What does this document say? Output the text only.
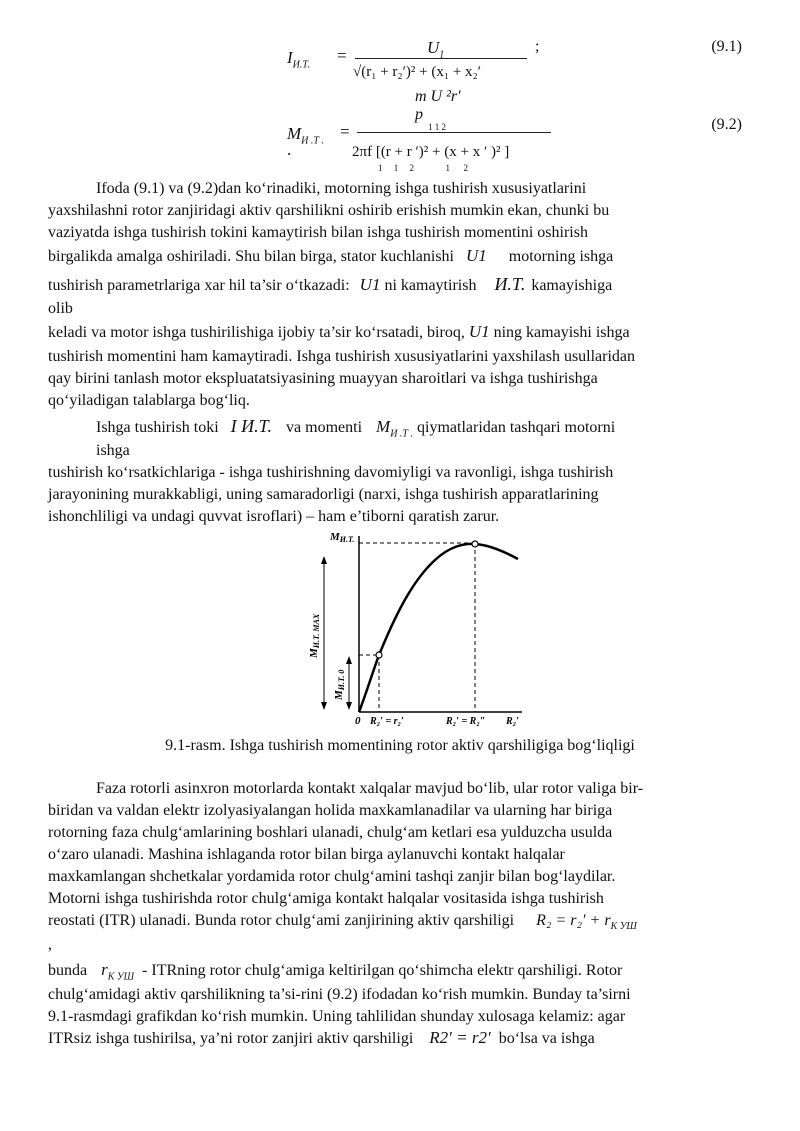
$I_{И.Т.}$ =	$U_1$
√(r₁ + r₂′)² + (x₁ + x₂′
;	(9.1)
m U ²r′
p
1 1 2
$M_{И .Т .}$ =
.	2πf [(r + r ′)² + (x + x ′ )² ]
1     1     2              1      2
(9.2)

Ifoda (9.1) va (9.2)dan ko‘rinadiki, motorning ishga tushirish xususiyatlarini

yaxshilashni rotor zanjiridagi aktiv qarshilikni oshirib erishish mumkin ekan, chunki bu

vaziyatda ishga tushirish tokini kamaytirish bilan ishga tushirish momentini oshirish

birgalikda amalga oshiriladi. Shu bilan birga, stator kuchlanishi U1 motorning ishga
tushirish parametrlariga xar hil ta’sir o‘tkazadi: U1 ni kamaytirish И.Т. kamayishiga

olib

keladi va motor ishga tushirilishiga ijobiy ta’sir ko‘rsatadi, biroq, U1 ning kamayishi ishga

tushirish momentini ham kamaytiradi. Ishga tushirish xususiyatlarini yaxshilash usullaridan

qay birini tanlash motor ekspluatatsiyasining muayyan sharoitlari va ishga tushirishga

qo‘yiladigan talablarga bog‘liq.

Ishga tushirish toki I И.Т. va momenti $M_{И .Т .}$ qiymatlaridan tashqari motorni

ishga

tushirish ko‘rsatkichlariga - ishga tushirishning davomiyligi va ravonligi, ishga tushirish

jarayonining murakkabligi, uning samaradorligi (narxi, ishga tushirish apparatlarining

ishonchliligi va undagi quvvat isroflari) – ham e’tiborni qaratish zarur.

MИ.Т.
MИ.Т. MAX
MИ.Т. 0
0 R₂′ = r₂′	R₂′ = R₂″ R₂′
9.1-rasm. Ishga tushirish momentining rotor aktiv qarshiligiga bog‘liqligi

Faza rotorli asinxron motorlarda kontakt xalqalar mavjud bo‘lib, ular rotor valiga bir-

biridan va valdan elektr izolyasiyalangan holida maxkamlanadilar va ularning har biriga

rotorning faza chulg‘amlarining boshlari ulanadi, chulg‘am ketlari esa yulduzcha usulda

o‘zaro ulanadi. Mashina ishlaganda rotor bilan birga aylanuvchi kontakt halqalar

maxkamlangan shchetkalar yordamida rotor chulg‘amini tashqi zanjir bilan bog‘laydilar.

Motorni ishga tushirishda rotor chulg‘amiga kontakt halqalar vositasida ishga tushirish

reostati (ITR) ulanadi. Bunda rotor chulg‘ami zanjirining aktiv qarshiligi $R_2 = r_2' + r_{К УШ}$

,

bunda $r_{К УШ}$ - ITRning rotor chulg‘amiga keltirilgan qo‘shimcha elektr qarshiligi. Rotor

chulg‘amidagi aktiv qarshilikning ta’si-rini (9.2) ifodadan ko‘rish mumkin. Bunday ta’sirni

9.1-rasmdagi grafikdan ko‘rish mumkin. Uning tahlilidan shunday xulosaga kelamiz: agar

ITRsiz ishga tushirilsa, ya’ni rotor zanjiri aktiv qarshiligi R2′ = r2′ bo‘lsa va ishga
